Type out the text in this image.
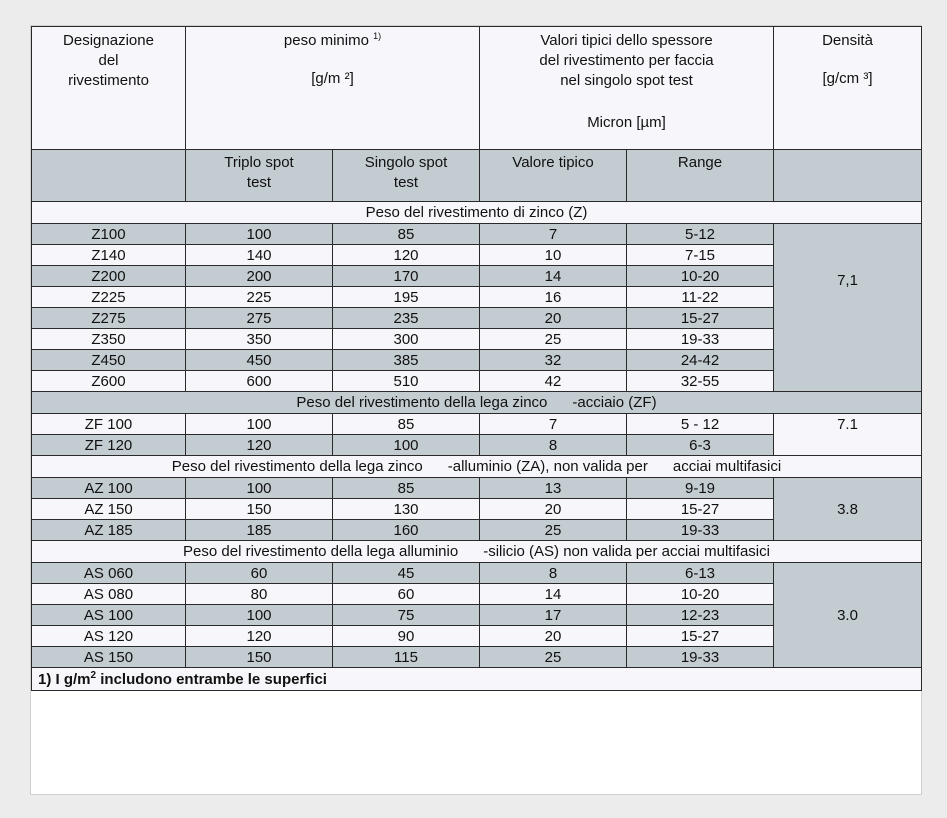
Designazione
del
rivestimento	peso minimo $^{1)}$
[g/m ²]		Valori tipici dello spessore
del rivestimento per faccia
nel singolo spot test
Micron [µm]		Densità
[g/cm ³]
	Triplo spot
test	Singolo spot
test	Valore tipico	Range	
Peso del rivestimento di zinco (Z)					
Z100	100	85	7	5-12	7,1
Z140	140	120	10	7-15	
Z200	200	170	14	10-20	
Z225	225	195	16	11-22	
Z275	275	235	20	15-27	
Z350	350	300	25	19-33	
Z450	450	385	32	24-42	
Z600	600	510	42	32-55	
Peso del rivestimento della lega zinco      -acciaio (ZF)					
ZF 100	100	85	7	5 - 12	7.1
ZF 120	120	100	8	6-3	
Peso del rivestimento della lega zinco      -alluminio (ZA), non valida per      acciai multifasici					
AZ 100	100	85	13	9-19	3.8
AZ 150	150	130	20	15-27	
AZ 185	185	160	25	19-33	
Peso del rivestimento della lega alluminio      -silicio (AS) non valida per acciai multifasici					
AS 060	60	45	8	6-13	3.0
AS 080	80	60	14	10-20	
AS 100	100	75	17	12-23	
AS 120	120	90	20	15-27	
AS 150	150	115	25	19-33	
1) I $g/m^2$ includono entrambe le superfici					
